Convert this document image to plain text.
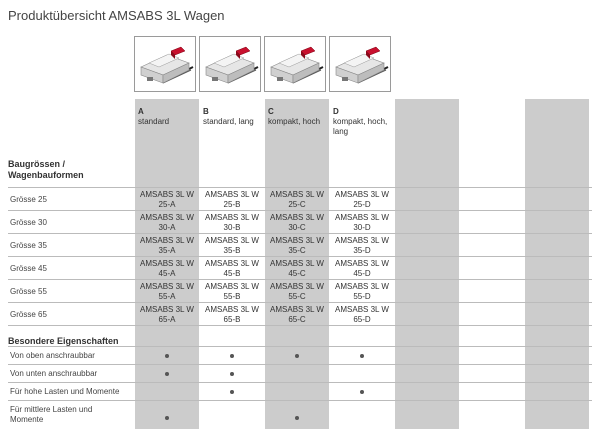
Produktübersicht AMSABS 3L Wagen
A
standard
B
standard, lang
C
kompakt, hoch
D
kompakt, hoch, lang
Baugrössen / Wagenbauformen
Grösse 25
AMSABS 3L W 25-A
AMSABS 3L W 25-B
AMSABS 3L W 25-C
AMSABS 3L W 25-D
Grösse 30
AMSABS 3L W 30-A
AMSABS 3L W 30-B
AMSABS 3L W 30-C
AMSABS 3L W 30-D
Grösse 35
AMSABS 3L W 35-A
AMSABS 3L W 35-B
AMSABS 3L W 35-C
AMSABS 3L W 35-D
Grösse 45
AMSABS 3L W 45-A
AMSABS 3L W 45-B
AMSABS 3L W 45-C
AMSABS 3L W 45-D
Grösse 55
AMSABS 3L W 55-A
AMSABS 3L W 55-B
AMSABS 3L W 55-C
AMSABS 3L W 55-D
Grösse 65
AMSABS 3L W 65-A
AMSABS 3L W 65-B
AMSABS 3L W 65-C
AMSABS 3L W 65-D
Besondere Eigenschaften
Von oben anschraubbar
Von unten anschraubbar
Für hohe Lasten und Momente
Für mittlere Lasten und Momente
